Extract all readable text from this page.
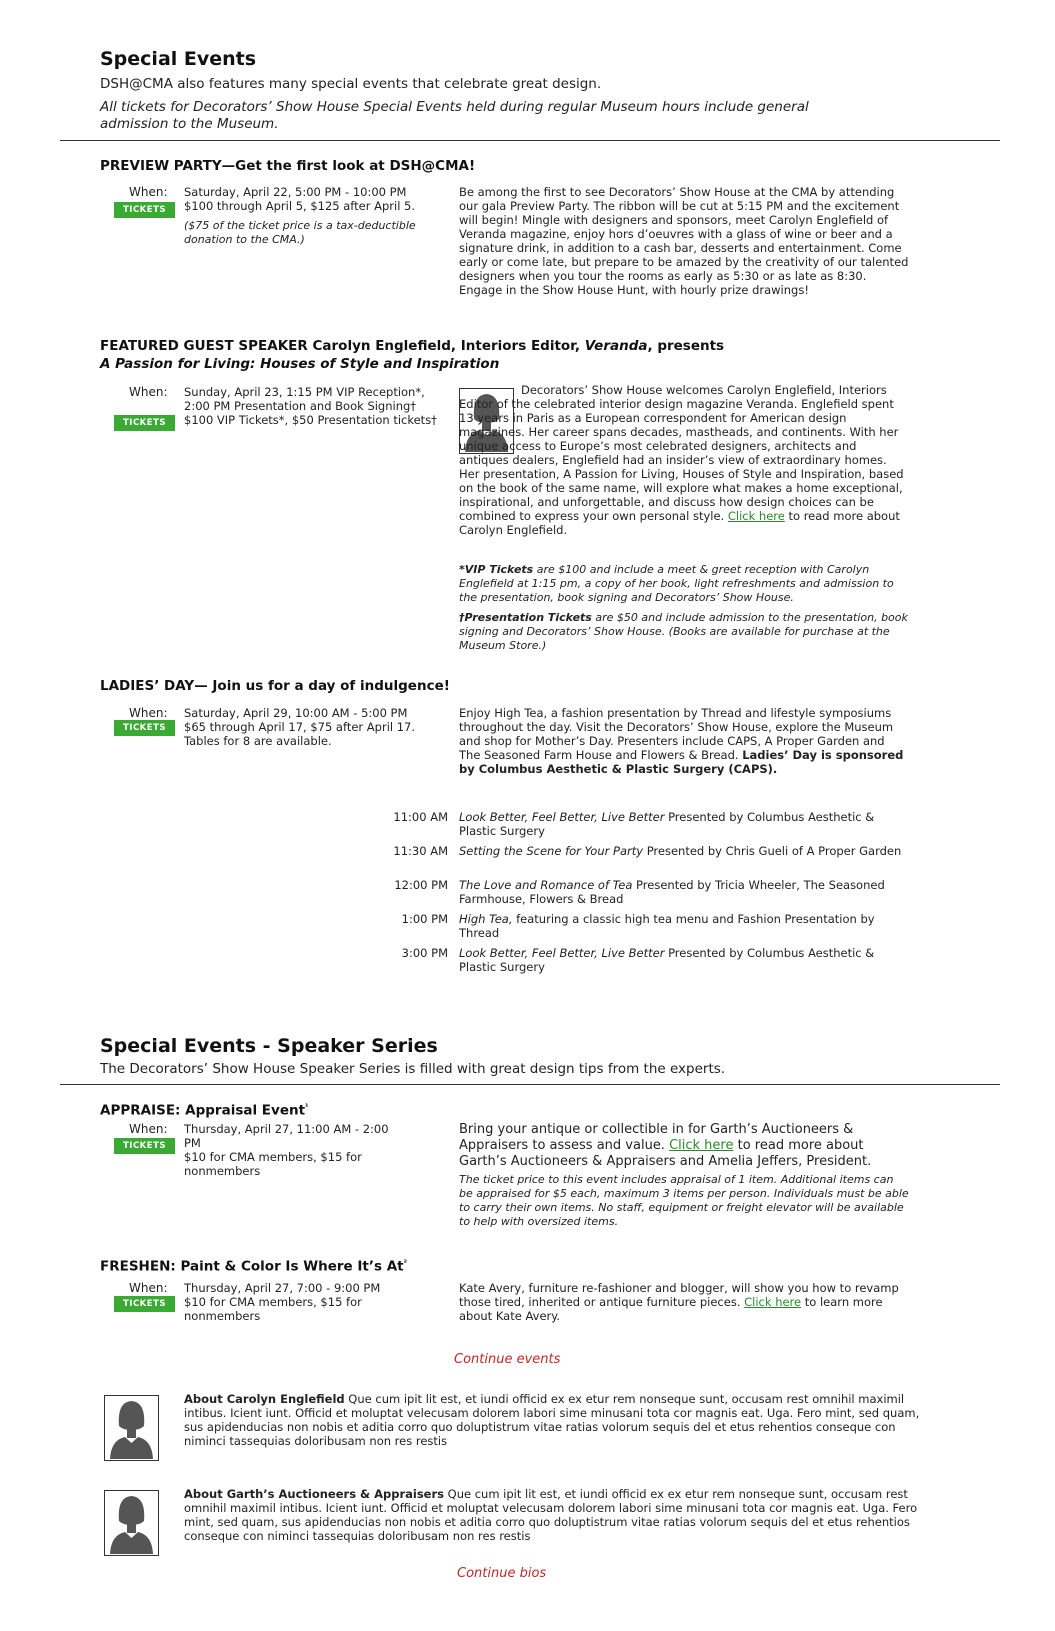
Special Events
DSH@CMA also features many special events that celebrate great design.
All tickets for Decorators’ Show House Special Events held during regular Museum hours include general admission to the Museum.
PREVIEW PARTY—Get the first look at DSH@CMA!
When:
TICKETS
Saturday, April 22, 5:00 PM - 10:00 PM
$100 through April 5, $125 after April 5.
($75 of the ticket price is a tax-deductible donation to the CMA.)
Be among the first to see Decorators’ Show House at the CMA by attending our gala Preview Party. The ribbon will be cut at 5:15 PM and the excitement will begin! Mingle with designers and sponsors, meet Carolyn Englefield of Veranda magazine, enjoy hors d’oeuvres with a glass of wine or beer and a signature drink, in addition to a cash bar, desserts and entertainment. Come early or come late, but prepare to be amazed by the creativity of our talented designers when you tour the rooms as early as 5:30 or as late as 8:30. Engage in the Show House Hunt, with hourly prize drawings!
FEATURED GUEST SPEAKER Carolyn Englefield, Interiors Editor, Veranda, presents
A Passion for Living: Houses of Style and Inspiration
When:
TICKETS
Sunday, April 23, 1:15 PM VIP Reception*, 2:00 PM Presentation and Book Signing† $100 VIP Tickets*, $50 Presentation tickets†
Decorators’ Show House welcomes Carolyn Englefield, Interiors Editor of the celebrated interior design magazine Veranda. Englefield spent 13 years in Paris as a European correspondent for American design magazines. Her career spans decades, mastheads, and continents. With her unique access to Europe’s most celebrated designers, architects and antiques dealers, Englefield had an insider’s view of extraordinary homes. Her presentation, A Passion for Living, Houses of Style and Inspiration, based on the book of the same name, will explore what makes a home exceptional, inspirational, and unforgettable, and discuss how design choices can be combined to express your own personal style. Click here to read more about Carolyn Englefield.
*VIP Tickets are $100 and include a meet & greet reception with Carolyn Englefield at 1:15 pm, a copy of her book, light refreshments and admission to the presentation, book signing and Decorators’ Show House.
†Presentation Tickets are $50 and include admission to the presentation, book signing and Decorators’ Show House. (Books are available for purchase at the Museum Store.)
LADIES’ DAY— Join us for a day of indulgence!
When:
TICKETS
Saturday, April 29, 10:00 AM - 5:00 PM
$65 through April 17, $75 after April 17. Tables for 8 are available.
Enjoy High Tea, a fashion presentation by Thread and lifestyle symposiums throughout the day. Visit the Decorators’ Show House, explore the Museum and shop for Mother’s Day. Presenters include CAPS, A Proper Garden and The Seasoned Farm House and Flowers & Bread. Ladies’ Day is sponsored by Columbus Aesthetic & Plastic Surgery (CAPS).
11:00 AM Look Better, Feel Better, Live Better Presented by Columbus Aesthetic & Plastic Surgery
11:30 AM Setting the Scene for Your Party Presented by Chris Gueli of A Proper Garden
12:00 PM The Love and Romance of Tea Presented by Tricia Wheeler, The Seasoned Farmhouse, Flowers & Bread
1:00 PM High Tea, featuring a classic high tea menu and Fashion Presentation by Thread
3:00 PM Look Better, Feel Better, Live Better Presented by Columbus Aesthetic & Plastic Surgery
Special Events - Speaker Series
The Decorators’ Show House Speaker Series is filled with great design tips from the experts.
APPRAISE: Appraisal Event$^{^1}$
When:
TICKETS
Thursday, April 27, 11:00 AM - 2:00 PM
$10 for CMA members, $15 for nonmembers
Bring your antique or collectible in for Garth’s Auctioneers & Appraisers to assess and value. Click here to read more about Garth’s Auctioneers & Appraisers and Amelia Jeffers, President.
The ticket price to this event includes appraisal of 1 item. Additional items can be appraised for $5 each, maximum 3 items per person. Individuals must be able to carry their own items. No staff, equipment or freight elevator will be available to help with oversized items.
FRESHEN: Paint & Color Is Where It’s $At^{^2}$
When:
TICKETS
Thursday, April 27, 7:00 - 9:00 PM
$10 for CMA members, $15 for nonmembers
Kate Avery, furniture re-fashioner and blogger, will show you how to revamp those tired, inherited or antique furniture pieces. Click here to learn more about Kate Avery.
Continue events
About Carolyn Englefield Que cum ipit lit est, et iundi officid ex ex etur rem nonseque sunt, occusam rest omnihil maximil intibus. Icient iunt. Officid et moluptat velecusam dolorem labori sime minusani tota cor magnis eat. Uga. Fero mint, sed quam, sus apidenducias non nobis et aditia corro quo doluptistrum vitae ratias volorum sequis del et etus rehentios conseque con niminci tassequias doloribusam non res restis
About Garth’s Auctioneers & Appraisers Que cum ipit lit est, et iundi officid ex ex etur rem nonseque sunt, occusam rest omnihil maximil intibus. Icient iunt. Officid et moluptat velecusam dolorem labori sime minusani tota cor magnis eat. Uga. Fero mint, sed quam, sus apidenducias non nobis et aditia corro quo doluptistrum vitae ratias volorum sequis del et etus rehentios conseque con niminci tassequias doloribusam non res restis
Continue bios
